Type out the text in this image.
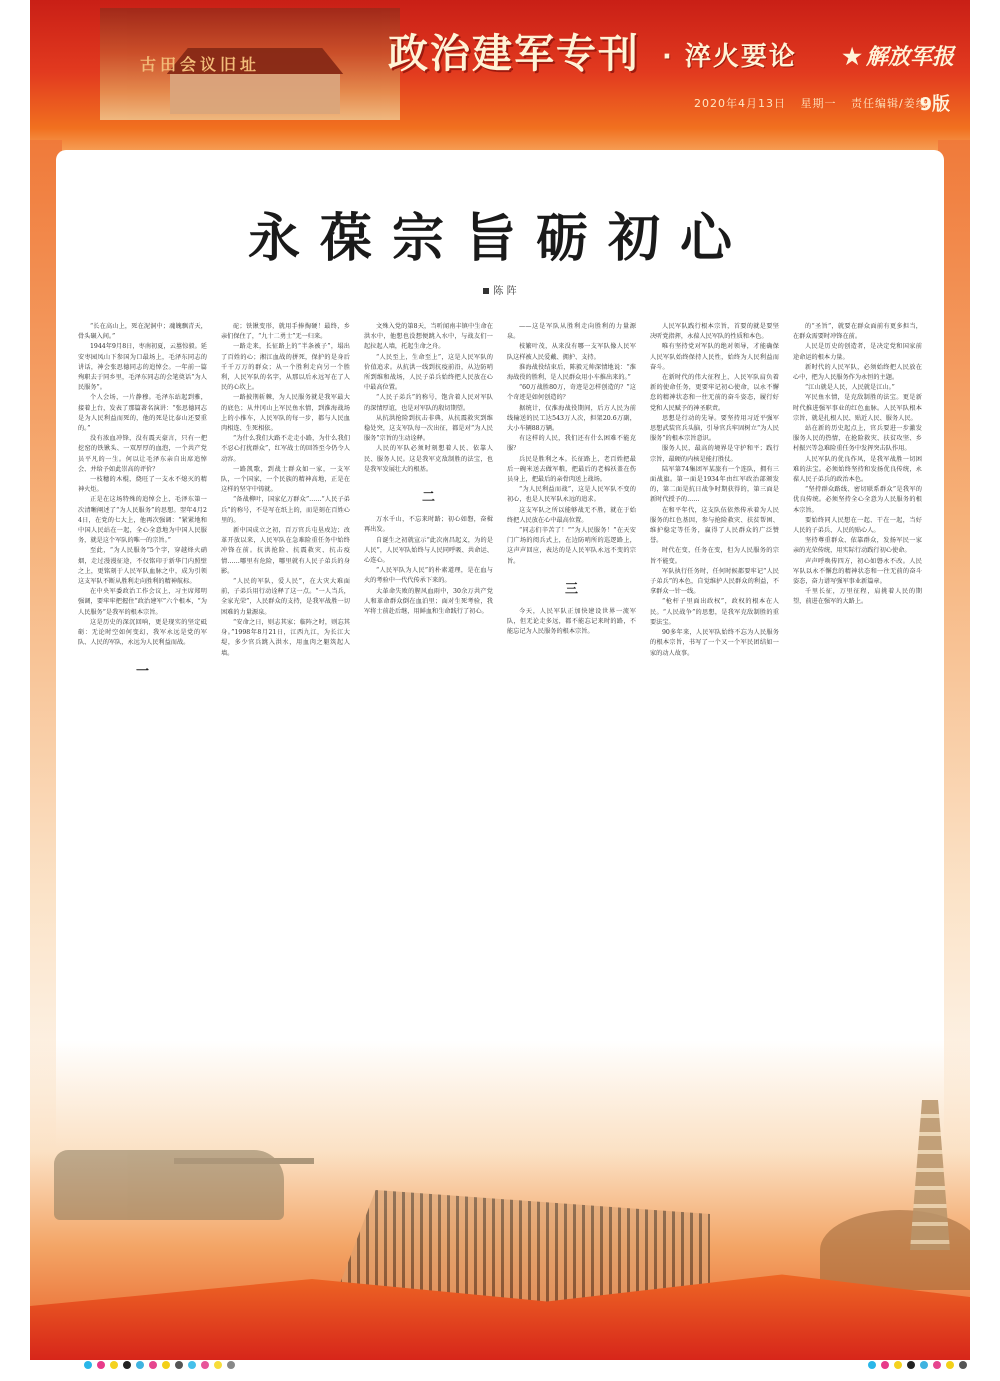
古田会议旧址	政治建军专刊 · 淬火要论 ★ 解放军报
2020年4月13日 星期一 责任编辑/姜缘
9版
永葆宗旨砺初心
陈 阵

“长在高山上，死在泥洞中；魂魄飘青天，骨头碾入间。”

1944年9月8日，枣南初夏，云墓惊毅。延安枣园凤山下参国为口最场上，毛泽东同志的讲话，神会张思德同志的追悼会。一年前一篇殉职去于同乡里，毛泽东同志的会笔奠话“为人民服务”。

个人会场，一片静穆。毛泽东站起到雅，接着上台，发表了那篇著名演讲：“张思德同志是为人民利益而死的，他的死是比泰山还要重的。”

没有浓血冲锋，没有震天豪言，只有一把挖窑的铁锹头、一双厚厚的血泡，一个共产党员平凡的一生。何以让毛泽东亲自出席追悼会、并给予如此崇高的评价？

一枝穗的木棍，烧旺了一支永不熄灭的精神火炬。

正是在这场特殊的追悼会上，毛泽东第一次清晰阐述了“为人民服务”的思想。翌年4月24日，在党的七大上，他再次强调：“紧紧地和中国人民站在一起，全心全意地为中国人民服务，就是这个军队的唯一的宗旨。”

至此，“为人民服务”5个字，穿越烽火硝烟，走过漫漫征途，不仅铭印于新华门内照壁之上，更铭刻于人民军队血脉之中，成为引领这支军队不断从胜利走向胜利的精神航标。

在中央军委政治工作会议上，习主席郑明强调，要牢牢把握住“政治建军”六个根本，“为人民服务”是我军的根本宗旨。

这是历史的深沉回响，更是现实的坚定砥砺：无论时空如何变幻，我军永远是党的军队、人民的军队，永远为人民利益而战。

一

砣；铁锹变形，就用手捧掏硬！最终，乡亲们保住了，“九十二勇士”无一归来。

一路走来，长征路上的“半条被子”，塌出了百姓的心；湘江血战的拼死，保护的是身后千千万万的群众；从一个胜利走向另一个胜利，人民军队的名字，从那以后永远写在了人民的心坎上。

一路披荆斩棘，为人民服务就是我军最大的底色；从井冈山上军民鱼水情，到淮海战场上的小推车，人民军队的每一步，都与人民血肉相连、生死相依。

“为什么我们大路不走走小路，为什么我们不忍心打扰群众”，红军战士的回答至今仍令人动容。

一路凯歌，到战士群众如一家，一支军队，一个国家，一个民族的精神高地，正是在这样的坚守中铸就。

“备战柳叶，国家亿万群众”……“人民子弟兵”的称号，不是写在纸上的，而是刻在百姓心里的。

新中国成立之初，百万官兵屯垦戍边；改革开放以来，人民军队在急难险重任务中始终冲锋在前。抗洪抢险、抗震救灾、抗击疫情……哪里有危险，哪里就有人民子弟兵的身影。

“人民的军队，爱人民”，在大灾大难面前，子弟兵用行动诠释了这一点。“一人当兵，全家光荣”，人民群众的支持，是我军战胜一切困难的力量源泉。

“安命之日，则志其家；临阵之时，则忘其身。”1998年8月21日，江西九江，为长江大堤，多少官兵跳入洪水，用血肉之躯筑起人墙。

文殊入党的第8天，当听闻南丰镇中生命在洪水中，他想也没想便跳入水中，与战友们一起拉起人墙，托起生命之舟。

“人民至上，生命至上”，这是人民军队的价值追求。从抗洪一线到抗疫前沿，从边防哨所到维和战场，人民子弟兵始终把人民放在心中最高位置。

“人民子弟兵”的称号，饱含着人民对军队的深情厚谊，也是对军队的殷切期望。

从抗洪抢险到抗击非典，从抗震救灾到维稳处突，这支军队每一次出征，都是对“为人民服务”宗旨的生动诠释。

人民的军队必须时刻想着人民、依靠人民、服务人民。这是我军克敌制胜的法宝，也是我军发展壮大的根基。

二

万水千山，不忘来时路；初心如磐，奋楫再出发。

自诞生之初就宣示“此次南昌起义，为的是人民”，人民军队始终与人民同呼吸、共命运、心连心。

“人民军队为人民”的朴素道理，是在血与火的考验中一代代传承下来的。

大革命失败的腥风血雨中，30余万共产党人和革命群众倒在血泊里；面对生死考验，我军将士前赴后继，用鲜血和生命践行了初心。

——这是军队从胜利走向胜利的力量源泉。

枝繁叶茂，从来没有哪一支军队像人民军队这样被人民爱戴、拥护、支持。

淮海战役结束后，陈毅元帅深情地说：“淮海战役的胜利，是人民群众用小车推出来的。”

“60万战胜80万，奇迹是怎样创造的？”这个奇迹是如何创造的？

据统计，仅淮海战役期间，后方人民为前线输送的民工达543万人次，担架20.6万副，大小车辆88万辆。

有这样的人民，我们还有什么困难不能克服？

兵民是胜利之本。长征路上，老百姓把最后一碗米送去做军粮，把最后的老棉袄盖在伤员身上，把最后的亲骨肉送上战场。

“为人民利益而战”，这是人民军队不变的初心，也是人民军队永远的追求。

这支军队之所以能够战无不胜，就在于始终把人民放在心中最高位置。

“同志们辛苦了！”“为人民服务！”在天安门广场的阅兵式上，在边防哨所的巡逻路上，这声声回应，表达的是人民军队永远不变的宗旨。

三

今天，人民军队正加快建设世界一流军队，但无论走多远，都不能忘记来时的路，不能忘记为人民服务的根本宗旨。

人民军队践行根本宗旨，首要的就是要坚决听党指挥，永葆人民军队的性质和本色。

唯有坚持党对军队的绝对领导，才能确保人民军队始终保持人民性，始终为人民利益而奋斗。

在新时代的伟大征程上，人民军队肩负着新的使命任务，更要牢记初心使命，以永不懈怠的精神状态和一往无前的奋斗姿态，履行好党和人民赋予的神圣职责。

思想是行动的先导。要坚持用习近平强军思想武装官兵头脑，引导官兵牢固树立“为人民服务”的根本宗旨意识。

服务人民，最高的境界是守护和平；践行宗旨，最硬的内核是能打胜仗。

陆军第74集团军某旅有一个连队，拥有三面战旗。第一面是1934年由红军政治部颁发的，第二面是抗日战争时期获得的，第三面是新时代授予的……

在和平年代，这支队伍依然传承着为人民服务的红色基因，参与抢险救灾、扶贫帮困、维护稳定等任务，赢得了人民群众的广泛赞誉。

时代在变，任务在变，但为人民服务的宗旨不能变。

军队执行任务时，任何时候都要牢记“人民子弟兵”的本色，自觉维护人民群众的利益，不拿群众一针一线。

“枪杆子里面出政权”，政权的根本在人民。“人民战争”的思想，是我军克敌制胜的重要法宝。

90多年来，人民军队始终不忘为人民服务的根本宗旨，书写了一个又一个军民团结如一家的动人故事。

的“圣旨”，就要在群众面前有更多担当，在群众需要时冲锋在前。

人民是历史的创造者，是决定党和国家前途命运的根本力量。

新时代的人民军队，必须始终把人民放在心中，把为人民服务作为永恒的主题。

“江山就是人民，人民就是江山。”

军民鱼水情，是克敌制胜的法宝。更是新时代推进强军事业的红色血脉。人民军队根本宗旨，就是扎根人民、贴近人民、服务人民。

站在新的历史起点上，官兵要进一步激发服务人民的热情，在抢险救灾、扶贫攻坚、乡村振兴等急难险重任务中发挥突击队作用。

人民军队的优良作风，是我军战胜一切困难的法宝。必须始终坚持和发扬优良传统，永葆人民子弟兵的政治本色。

“坚持群众路线、密切联系群众”是我军的优良传统。必须坚持全心全意为人民服务的根本宗旨。

要始终同人民想在一起、干在一起，当好人民的子弟兵、人民的贴心人。

坚持尊重群众、依靠群众，发扬军民一家亲的光荣传统，用实际行动践行初心使命。

声声呼唤传四方，初心如磐永不改。人民军队以永不懈怠的精神状态和一往无前的奋斗姿态，奋力谱写强军事业新篇章。

千里长征，万里征程，肩挑着人民的期望，前进在强军的大路上。
